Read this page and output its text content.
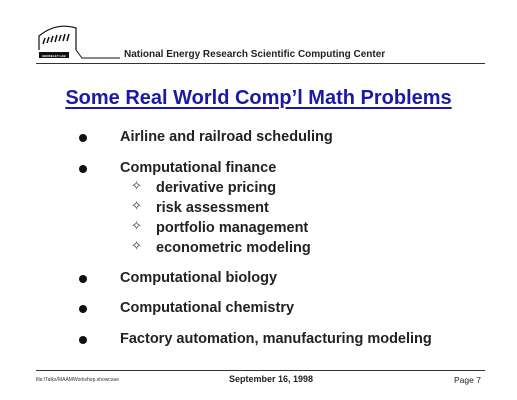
BERKELEY LAB	National Energy Research Scientific Computing Center
Some Real World Comp’l Math Problems
Airline and railroad scheduling
Computational finance
✧ derivative pricing
✧ risk assessment
✧ portfolio management
✧ econometric modeling
Computational biology
Computational chemistry
Factory automation, manufacturing modeling
file:/Talks/MAAMWorkshop.showcase	September 16, 1998	Page 7
